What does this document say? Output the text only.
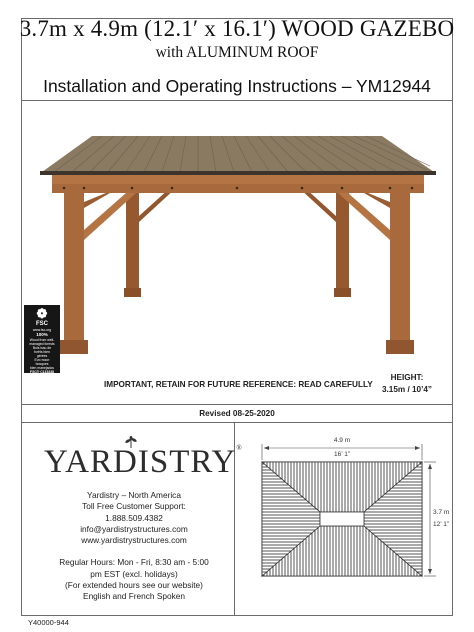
3.7m x 4.9m (12.1′ x 16.1′) WOOD GAZEBO
with ALUMINUM ROOF
Installation and Operating Instructions – YM12944
❁
FSC
www.fsc.org
100%
Wood from well-
managed forests
Bois issu de
forêts bien
gérées
Ενα ποιοτ
bosques
bien manejados
FSC® C133338
IMPORTANT, RETAIN FOR FUTURE REFERENCE: READ CAREFULLY
HEIGHT:
3.15m / 10’4”
Revised 08-25-2020
YARDISTRY®
Yardistry – North America
Toll Free Customer Support:
1.888.509.4382
info@yardistrystructures.com
www.yardistrystructures.com
Regular Hours: Mon - Fri, 8:30 am - 5:00
pm EST (excl. holidays)
(For extended hours see our website)
English and French Spoken
4.9 m
16’ 1”
3.7 m
12’ 1”
Y40000-944
